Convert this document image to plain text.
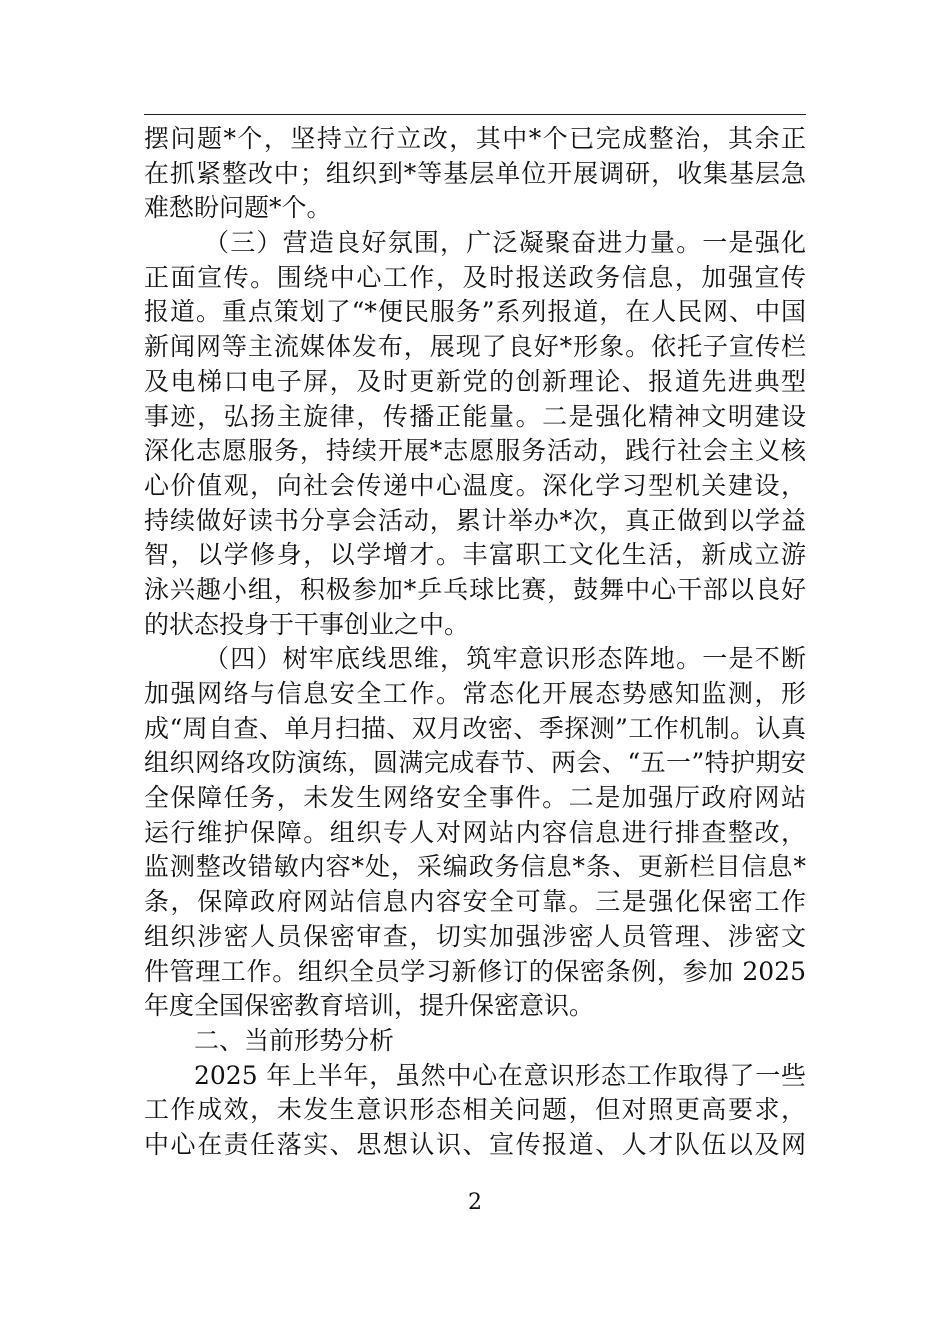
摆问题*个，坚持立行立改，其中*个已完成整治，其余正
在抓紧整改中；组织到*等基层单位开展调研，收集基层急
难愁盼问题*个。
（三）营造良好氛围，广泛凝聚奋进力量。一是强化
正面宣传。围绕中心工作，及时报送政务信息，加强宣传
报道。重点策划了“*便民服务”系列报道，在人民网、中国
新闻网等主流媒体发布，展现了良好*形象。依托子宣传栏
及电梯口电子屏，及时更新党的创新理论、报道先进典型
事迹，弘扬主旋律，传播正能量。二是强化精神文明建设
深化志愿服务，持续开展*志愿服务活动，践行社会主义核
心价值观，向社会传递中心温度。深化学习型机关建设，
持续做好读书分享会活动，累计举办*次，真正做到以学益
智，以学修身，以学增才。丰富职工文化生活，新成立游
泳兴趣小组，积极参加*乒乓球比赛，鼓舞中心干部以良好
的状态投身于干事创业之中。
（四）树牢底线思维，筑牢意识形态阵地。一是不断
加强网络与信息安全工作。常态化开展态势感知监测，形
成“周自查、单月扫描、双月改密、季探测”工作机制。认真
组织网络攻防演练，圆满完成春节、两会、“五一”特护期安
全保障任务，未发生网络安全事件。二是加强厅政府网站
运行维护保障。组织专人对网站内容信息进行排查整改，
监测整改错敏内容*处，采编政务信息*条、更新栏目信息*
条，保障政府网站信息内容安全可靠。三是强化保密工作
组织涉密人员保密审查，切实加强涉密人员管理、涉密文
件管理工作。组织全员学习新修订的保密条例，参加 2025
年度全国保密教育培训，提升保密意识。
二、当前形势分析
2025 年上半年，虽然中心在意识形态工作取得了一些
工作成效，未发生意识形态相关问题，但对照更高要求，
中心在责任落实、思想认识、宣传报道、人才队伍以及网
2
